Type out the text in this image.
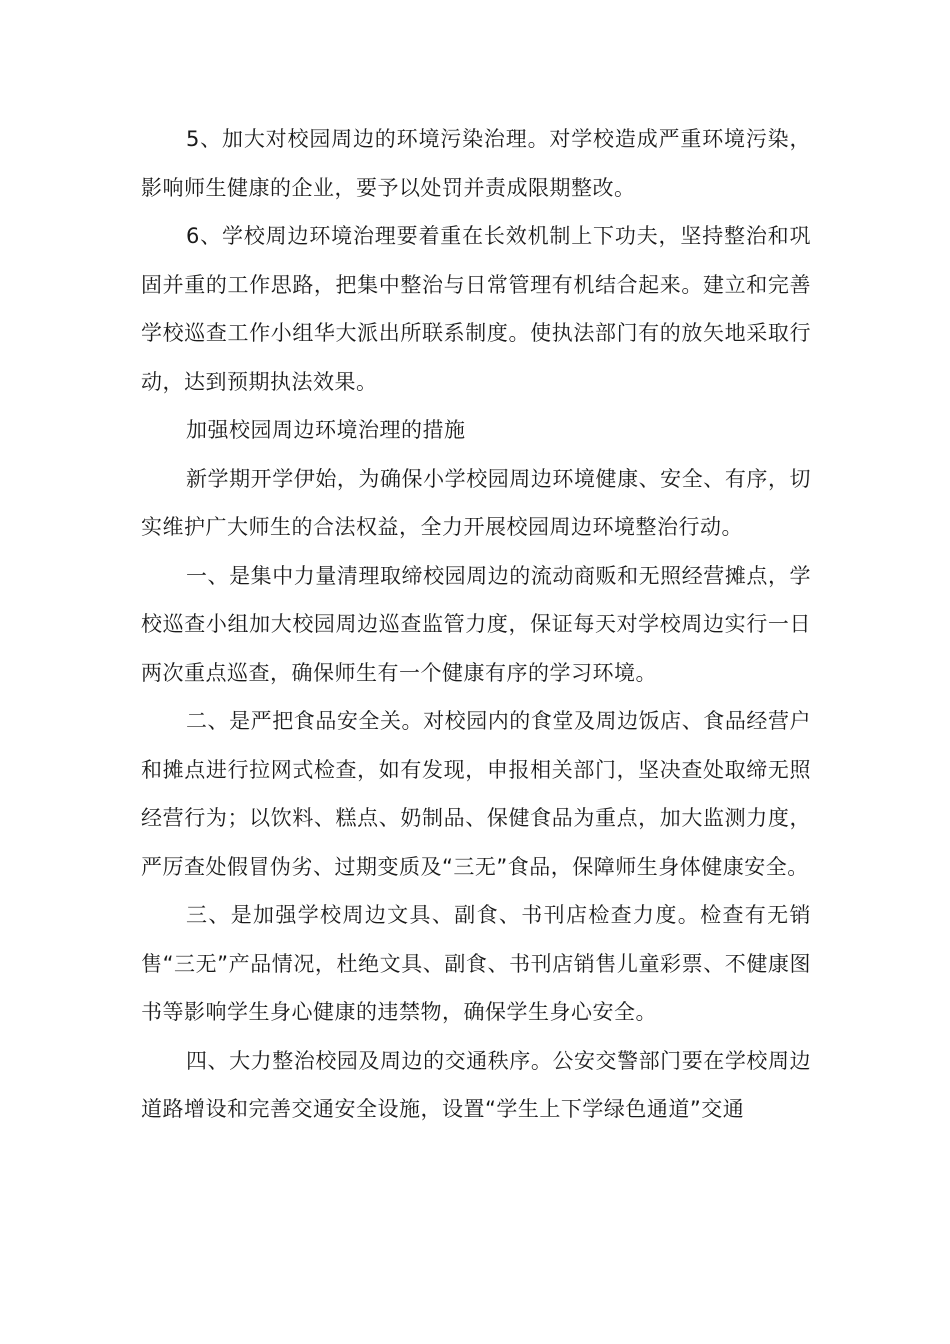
5、加大对校园周边的环境污染治理。对学校造成严重环境污染，影响师生健康的企业，要予以处罚并责成限期整改。

6、学校周边环境治理要着重在长效机制上下功夫，坚持整治和巩固并重的工作思路，把集中整治与日常管理有机结合起来。建立和完善学校巡查工作小组华大派出所联系制度。使执法部门有的放矢地采取行动，达到预期执法效果。

加强校园周边环境治理的措施

新学期开学伊始，为确保小学校园周边环境健康、安全、有序，切实维护广大师生的合法权益，全力开展校园周边环境整治行动。

一、是集中力量清理取缔校园周边的流动商贩和无照经营摊点，学校巡查小组加大校园周边巡查监管力度，保证每天对学校周边实行一日两次重点巡查，确保师生有一个健康有序的学习环境。

二、是严把食品安全关。对校园内的食堂及周边饭店、食品经营户和摊点进行拉网式检查，如有发现，申报相关部门，坚决查处取缔无照经营行为；以饮料、糕点、奶制品、保健食品为重点，加大监测力度，严厉查处假冒伪劣、过期变质及“三无”食品，保障师生身体健康安全。

三、是加强学校周边文具、副食、书刊店检查力度。检查有无销售“三无”产品情况，杜绝文具、副食、书刊店销售儿童彩票、不健康图书等影响学生身心健康的违禁物，确保学生身心安全。

四、大力整治校园及周边的交通秩序。公安交警部门要在学校周边道路增设和完善交通安全设施，设置“学生上下学绿色通道”交通
